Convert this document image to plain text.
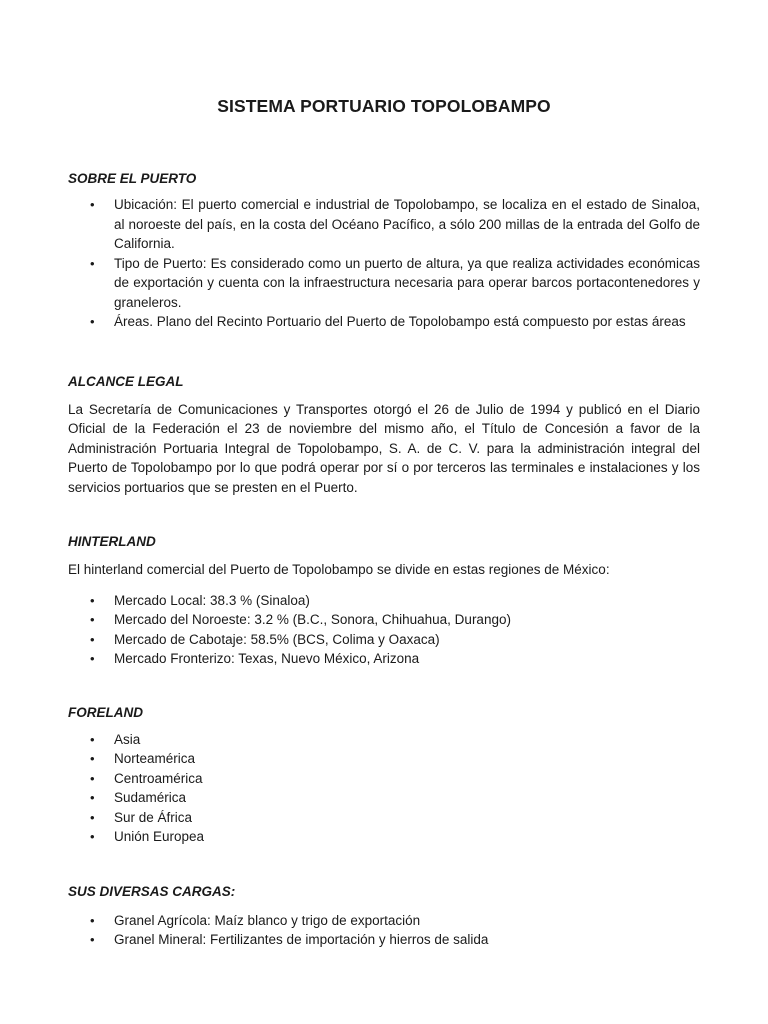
SISTEMA PORTUARIO TOPOLOBAMPO
SOBRE EL PUERTO
• Ubicación: El puerto comercial e industrial de Topolobampo, se localiza en el estado de Sinaloa, al noroeste del país, en la costa del Océano Pacífico, a sólo 200 millas de la entrada del Golfo de California.
• Tipo de Puerto: Es considerado como un puerto de altura, ya que realiza actividades económicas de exportación y cuenta con la infraestructura necesaria para operar barcos portacontenedores y graneleros.
• Áreas. Plano del Recinto Portuario del Puerto de Topolobampo está compuesto por estas áreas
ALCANCE LEGAL

La Secretaría de Comunicaciones y Transportes otorgó el 26 de Julio de 1994 y publicó en el Diario Oficial de la Federación el 23 de noviembre del mismo año, el Título de Concesión a favor de la Administración Portuaria Integral de Topolobampo, S. A. de C. V. para la administración integral del Puerto de Topolobampo por lo que podrá operar por sí o por terceros las terminales e instalaciones y los servicios portuarios que se presten en el Puerto.

HINTERLAND

El hinterland comercial del Puerto de Topolobampo se divide en estas regiones de México:

• Mercado Local: 38.3 % (Sinaloa)
• Mercado del Noroeste: 3.2 % (B.C., Sonora, Chihuahua, Durango)
• Mercado de Cabotaje: 58.5% (BCS, Colima y Oaxaca)
• Mercado Fronterizo: Texas, Nuevo México, Arizona
FORELAND
• Asia
• Norteamérica
• Centroamérica
• Sudamérica
• Sur de África
• Unión Europea
SUS DIVERSAS CARGAS:
• Granel Agrícola: Maíz blanco y trigo de exportación
• Granel Mineral: Fertilizantes de importación y hierros de salida
